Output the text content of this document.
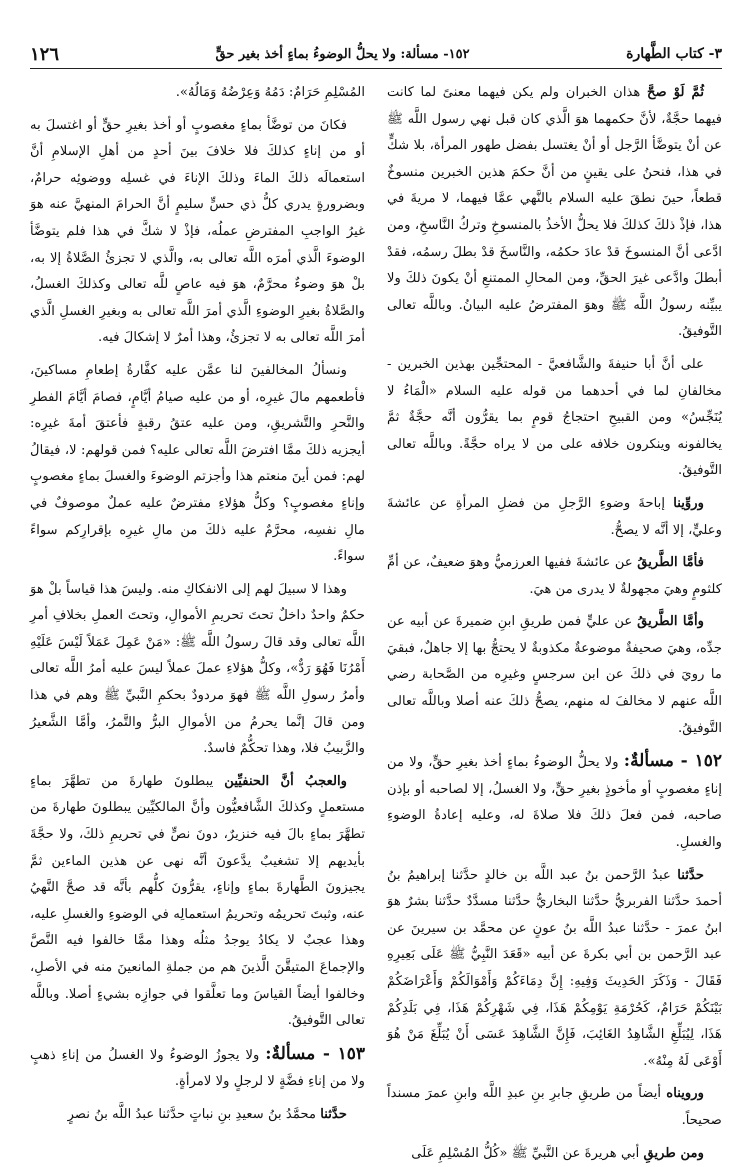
٣- كتاب الطَّهارة
١٥٢- مسألة: ولا يحلُّ الوضوءُ بماءٍ أخذ بغير حقٍّ
١٢٦

ثُمَّ لَوْ صحَّ هذان الخبران ولم يكن فيهما معنىً لما كانت فيهما حجَّةٌ، لأنَّ حكمهما هوَ الَّذي كان قبل نهي رسول اللَّه ﷺ عن أنْ يتوضَّأ الرَّجل أو أنْ يغتسل بفضل طهور المرأة، بلا شكٍّ في هذا، فنحنُ على يقينٍ من أنَّ حكمَ هذين الخبرين منسوخٌ قطعاً، حينَ نطقَ عليه السلام بالنَّهي عمَّا فيهما، لا مريةَ في هذا، فإذْ ذلكَ كذلكَ فلا يحلُّ الأخذُ بالمنسوخِ وتركُ النَّاسخِ، ومن ادَّعى أنَّ المنسوخَ قدْ عادَ حكمُه، والنَّاسخَ قدْ بطلَ رسمُه، فقدْ أبطلَ وادَّعى غيرَ الحقِّ، ومن المحالِ الممتنعِ أنْ يكونَ ذلكَ ولا يبيِّنه رسولُ اللَّه ﷺ وهوَ المفترضُ عليه البيانُ. وباللَّه تعالى التَّوفيقُ.

على أنَّ أبا حنيفةَ والشَّافعيَّ - المحتجِّين بهذين الخبرين - مخالفانِ لما في أحدهما من قوله عليه السلام «الْمَاءُ لا يُنَجِّسُ» ومن القبيحِ احتجاجُ قومٍ بما يقرُّون أنَّه حجَّةٌ ثمَّ يخالفونه وينكرون خلافه على من لا يراه حجَّةً. وباللَّه تعالى التَّوفيقُ.

وروِّينا إباحةَ وضوءِ الرَّجلِ من فضلِ المرأةِ عن عائشةَ وعليٍّ، إلا أنَّه لا يصحُّ.

فأمَّا الطَّريقُ عن عائشةَ ففيها العرزميُّ وهوَ ضعيفٌ، عن أمِّ كلثومٍ وهيَ مجهولةٌ لا يدرى من هيَ.

وأمَّا الطَّريقُ عن عليٍّ فمن طريقِ ابنِ ضميرةَ عن أبيه عن جدِّه، وهيَ صحيفةٌ موضوعةٌ مكذوبةٌ لا يحتجُّ بها إلا جاهلٌ، فبقيَ ما رويَ في ذلكَ عن ابن سرجسٍ وغيرِه من الصَّحابة رضي اللَّه عنهم لا مخالفَ له منهم، يصحُّ ذلكَ عنه أصلا وباللَّه تعالى التَّوفيقُ.

١٥٢ - مسألةٌ: ولا يحلُّ الوضوءُ بماءٍ أخذ بغيرِ حقٍّ، ولا من إناءٍ مغصوبٍ أو مأخوذٍ بغيرِ حقٍّ، ولا الغسلُ، إلا لصاحبه أو بإذن صاحبه، فمن فعلَ ذلكَ فلا صلاةَ له، وعليه إعادةُ الوضوءِ والغسلِ.

حدَّثنا عبدُ الرَّحمن بنُ عبد اللَّه بن خالدٍ حدَّثنا إبراهيمُ بنُ أحمدَ حدَّثنا الفربريُّ حدَّثنا البخاريُّ حدَّثنا مسدَّدٌ حدَّثنا بشرٌ هوَ ابنُ عمرَ - حدَّثنا عبدُ اللَّه بنُ عونٍ عن محمَّد بن سيرينَ عن عبد الرَّحمن بن أبي بكرةَ عن أبيه «قَعَدَ النَّبِيُّ ﷺ عَلَى بَعِيرِهِ فَقَالَ - وَذَكَرَ الحَدِيثَ وَفِيهِ: إِنَّ دِمَاءَكُمْ وَأَمْوَالَكُمْ وَأَعْرَاضَكُمْ بَيْنَكُمْ حَرَامٌ، كَحُرْمَةِ يَوْمِكُمْ هَذَا، فِي شَهْرِكُمْ هَذَا، فِي بَلَدِكُمْ هَذَا، لِيُبَلِّغِ الشَّاهِدُ الغَائِبَ، فَإِنَّ الشَّاهِدَ عَسَى أَنْ يُبَلِّغَ مَنْ هُوَ أَوْعَى لَهُ مِنْهُ».

ورويناه أيضاً من طريقِ جابرِ بنِ عبدِ اللَّه وابنِ عمرَ مسنداً صحيحاً.

ومن طريقِ أبي هريرةَ عن النَّبيِّ ﷺ «كُلُّ المُسْلِمِ عَلَى

المُسْلِمِ حَرَامٌ: دَمُهُ وَعِرْضُهُ وَمَالُهُ».

فكانَ من توضَّأ بماءٍ مغصوبٍ أو أخذ بغيرِ حقٍّ أو اغتسلَ به أو من إناءٍ كذلكَ فلا خلافَ بينَ أحدٍ من أهلِ الإسلامِ أنَّ استعمالَه ذلكَ الماءَ وذلكَ الإناءَ في غسلِه ووضوئِه حرامٌ، وبضرورةٍ يدري كلُّ ذي حسٍّ سليمٍ أنَّ الحرامَ المنهيَّ عنه هوَ غيرُ الواجبِ المفترضِ عملُه، فإذْ لا شكَّ في هذا فلم يتوضَّأ الوضوءَ الَّذي أمرَه اللَّه تعالى به، والَّذي لا تجزئُ الصَّلاةُ إلا به، بلْ هوَ وضوءٌ محرَّمٌ، هوَ فيه عاصٍ للَّه تعالى وكذلكَ الغسلُ، والصَّلاةُ بغيرِ الوضوءِ الَّذي أمرَ اللَّه تعالى به وبغيرِ الغسلِ الَّذي أمرَ اللَّه تعالى به لا تجزئُ، وهذا أمرٌ لا إشكالَ فيه.

ونسألُ المخالفينَ لنا عمَّن عليه كفَّارةُ إطعامِ مساكينَ، فأطعمهم مالَ غيرِه، أو من عليه صيامُ أيَّامٍ، فصامَ أيَّامَ الفطرِ والنَّحرِ والتَّشريقِ، ومن عليه عتقُ رقبةٍ فأعتقَ أمةَ غيرِه: أيجزيه ذلكَ ممَّا افترضَ اللَّه تعالى عليه؟ فمن قولهم: لا، فيقالُ لهم: فمن أينَ منعتم هذا وأجزتم الوضوءَ والغسلَ بماءٍ مغصوبٍ وإناءٍ مغصوبٍ؟ وكلُّ هؤلاءِ مفترضٌ عليه عملٌ موصوفٌ في مالِ نفسِه، محرَّمٌ عليه ذلكَ من مالِ غيرِه بإقرارِكم سواءً سواءً.

وهذا لا سبيلَ لهم إلى الانفكاكِ منه. وليسَ هذا قياساً بلْ هوَ حكمٌ واحدٌ داخلٌ تحتَ تحريمِ الأموالِ، وتحتَ العملِ بخلافِ أمرِ اللَّه تعالى وقد قالَ رسولُ اللَّه ﷺ: «مَنْ عَمِلَ عَمَلاً لَيْسَ عَلَيْهِ أَمْرُنَا فَهُوَ رَدٌّ»، وكلُّ هؤلاءِ عملَ عملاً ليسَ عليه أمرُ اللَّه تعالى وأمرُ رسولِ اللَّه ﷺ فهوَ مردودٌ بحكمِ النَّبيِّ ﷺ وهم في هذا ومن قالَ إنَّما يحرمُ من الأموالِ البرُّ والتَّمرُ، وأمَّا الشَّعيرُ والزَّبيبُ فلا، وهذا تحكُّمٌ فاسدٌ.

والعجبُ أنَّ الحنفيِّين يبطلونَ طهارةَ من تطهَّرَ بماءٍ مستعملٍ وكذلكَ الشَّافعيُّون وأنَّ المالكيِّين يبطلونَ طهارةَ من تطهَّرَ بماءٍ بالَ فيه خنزيرٌ، دونَ نصٍّ في تحريمِ ذلكَ، ولا حجَّةَ بأيديهم إلا تشغيبٌ يدَّعونَ أنَّه نهى عن هذين الماءين ثمَّ يجيزونَ الطَّهارةَ بماءٍ وإناءٍ، يقرُّونَ كلُّهم بأنَّه قد صحَّ النَّهيُ عنه، وثبتَ تحريمُه وتحريمُ استعمالِه في الوضوءِ والغسلِ عليه، وهذا عجبٌ لا يكادُ يوجدُ مثلُه وهذا ممَّا خالفوا فيه النَّصَّ والإجماعَ المتيقَّنَ الَّذينَ هم من جملةِ المانعينَ منه في الأصلِ، وخالفوا أيضاً القياسَ وما تعلَّقوا في جوازِه بشيءٍ أصلا. وباللَّه تعالى التَّوفيقُ.

١٥٣ - مسألةٌ: ولا يجوزُ الوضوءُ ولا الغسلُ من إناءِ ذهبٍ ولا من إناءِ فضَّةٍ لا لرجلٍ ولا لامرأةٍ.

حدَّثنا محمَّدُ بنُ سعيدِ بنِ نباتٍ حدَّثنا عبدُ اللَّه بنُ نصرٍ
